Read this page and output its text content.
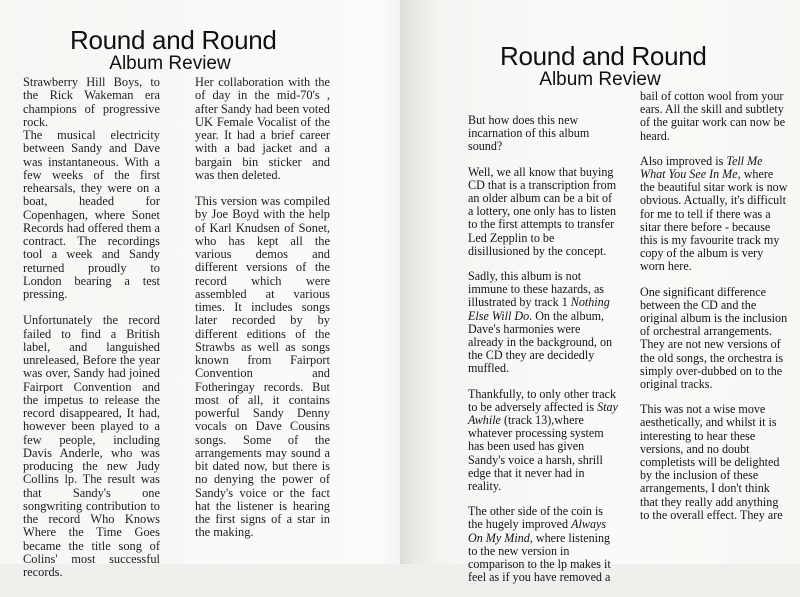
Round and Round
Album Review

Strawberry Hill Boys, to the Rick Wakeman era champions of progressive rock.

The musical electricity between Sandy and Dave was instantaneous. With a few weeks of the first rehearsals, they were on a boat, headed for Copenhagen, where Sonet Records had offered them a contract. The recordings tool a week and Sandy returned proudly to London bearing a test pressing.

Unfortunately the record failed to find a British label, and languished unreleased, Before the year was over, Sandy had joined Fairport Convention and the impetus to release the record disappeared, It had, however been played to a few people, including Davis Anderle, who was producing the new Judy Collins lp. The result was that Sandy's one songwriting contribution to the record Who Knows Where the Time Goes became the title song of Colins' most successful records.

Her collaboration with the of day in the mid-70's , after Sandy had been voted UK Female Vocalist of the year. It had a brief career with a bad jacket and a bargain bin sticker and was then deleted.

This version was compiled by Joe Boyd with the help of Karl Knudsen of Sonet, who has kept all the various demos and different versions of the record which were assembled at various times. It includes songs later recorded by by different editions of the Strawbs as well as songs known from Fairport Convention and Fotheringay records. But most of all, it contains powerful Sandy Denny vocals on Dave Cousins songs. Some of the arrangements may sound a bit dated now, but there is no denying the power of Sandy's voice or the fact hat the listener is hearing the first signs of a star in the making.

Round and Round
Album Review

But how does this new incarnation of this album sound?

Well, we all know that buying CD that is a transcription from an older album can be a bit of a lottery, one only has to listen to the first attempts to transfer Led Zepplin to be disillusioned by the concept.

Sadly, this album is not immune to these hazards, as illustrated by track 1 Nothing Else Will Do. On the album, Dave's harmonies were already in the background, on the CD they are decidedly muffled.

Thankfully, to only other track to be adversely affected is Stay Awhile (track 13),where whatever processing system has been used has given Sandy's voice a harsh, shrill edge that it never had in reality.

The other side of the coin is the hugely improved Always On My Mind, where listening to the new version in comparison to the lp makes it feel as if you have removed a

bail of cotton wool from your ears. All the skill and subtlety of the guitar work can now be heard.

Also improved is Tell Me What You See In Me, where the beautiful sitar work is now obvious. Actually, it's difficult for me to tell if there was a sitar there before - because this is my favourite track my copy of the album is very worn here.

One significant difference between the CD and the original album is the inclusion of orchestral arrangements. They are not new versions of the old songs, the orchestra is simply over-dubbed on to the original tracks.

This was not a wise move aesthetically, and whilst it is interesting to hear these versions, and no doubt completists will be delighted by the inclusion of these arrangements, I don't think that they really add anything to the overall effect. They are
